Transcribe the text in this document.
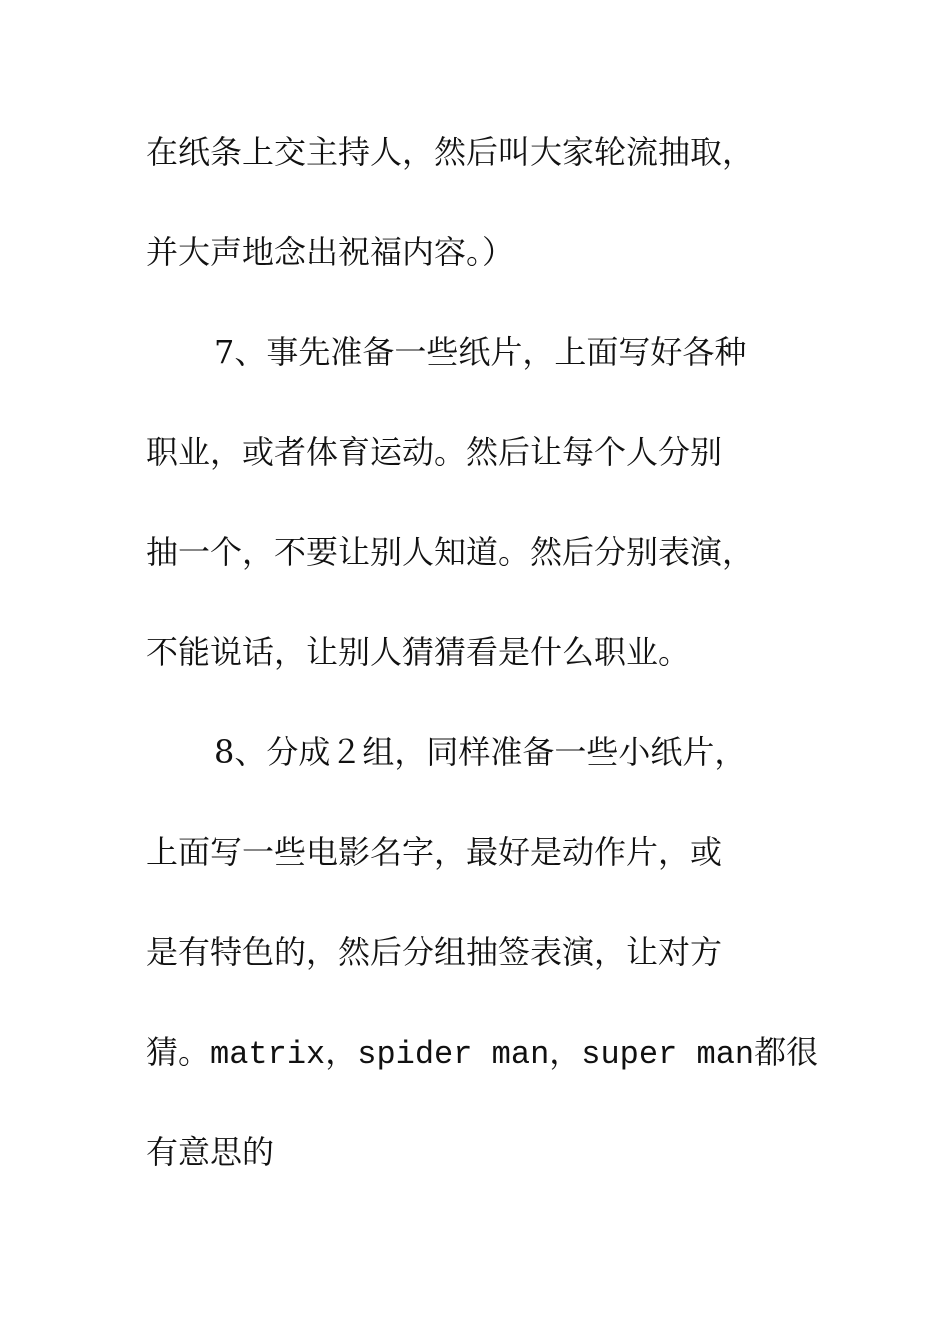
在纸条上交主持人，然后叫大家轮流抽取，
并大声地念出祝福内容。）
7、事先准备一些纸片，上面写好各种
职业，或者体育运动。然后让每个人分别
抽一个，不要让别人知道。然后分别表演，
不能说话，让别人猜猜看是什么职业。
8、分成２组，同样准备一些小纸片，
上面写一些电影名字，最好是动作片，或
是有特色的，然后分组抽签表演，让对方
猜。matrix，spider man，super man都很
有意思的
